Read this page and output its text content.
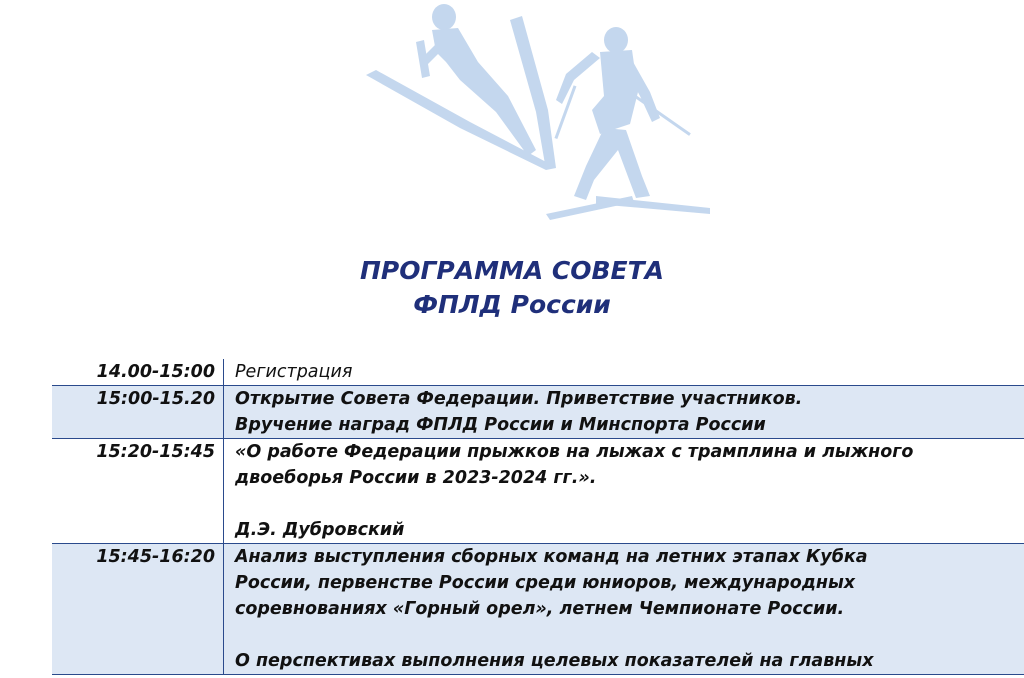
ПРОГРАММА СОВЕТА
ФПЛД России
14.00-15:00	Регистрация

15:00-15.20	Открытие Совета Федерации. Приветствие участников.
Вручение наград ФПЛД России и Минспорта России

15:20-15:45	«О работе Федерации прыжков на лыжах с трамплина и лыжного
двоеборья России в 2023-2024 гг.».
Д.Э. Дубровский

15:45-16:20	Анализ выступления сборных команд на летних этапах Кубка
России, первенстве России среди юниоров, международных
соревнованиях «Горный орел», летнем Чемпионате России.
О перспективах выполнения целевых показателей на главных
